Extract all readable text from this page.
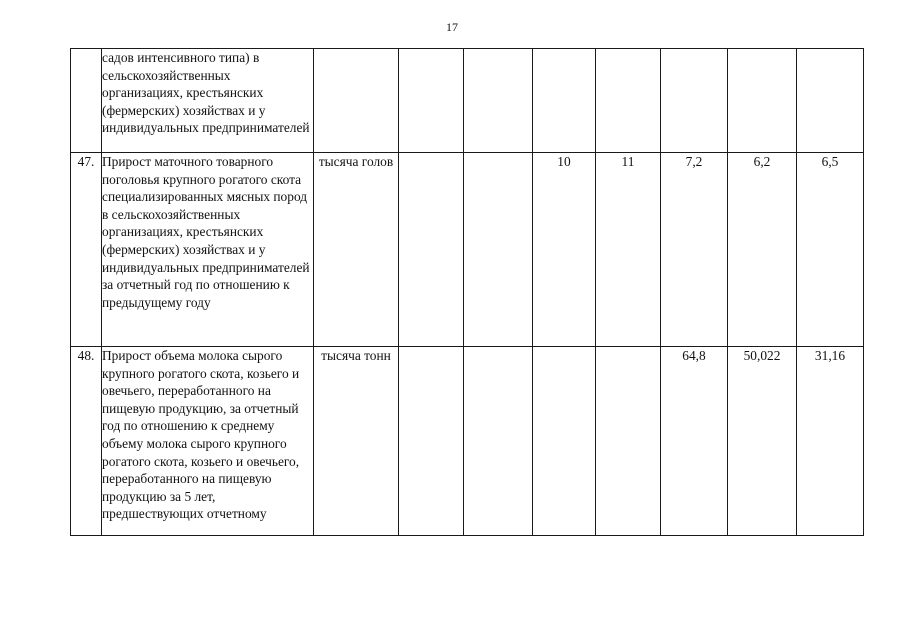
17
	садов интенсивного типа) в сельскохозяйственных организациях, крестьянских (фермерских) хозяйствах и у индивидуальных предпринимателей								
47.	Прирост маточного товарного поголовья крупного рогатого скота специализированных мясных пород в сельскохозяйственных организациях, крестьянских (фермерских) хозяйствах и у индивидуальных предпринимателей за отчетный год по отношению к предыдущему году	тысяча голов			10	11	7,2	6,2	6,5
48.	Прирост объема молока сырого крупного рогатого скота, козьего и овечьего, переработанного на пищевую продукцию, за отчетный год по отношению к среднему объему молока сырого крупного рогатого скота, козьего и овечьего, переработанного на пищевую продукцию за 5 лет, предшествующих отчетному	тысяча тонн					64,8	50,022	31,16
